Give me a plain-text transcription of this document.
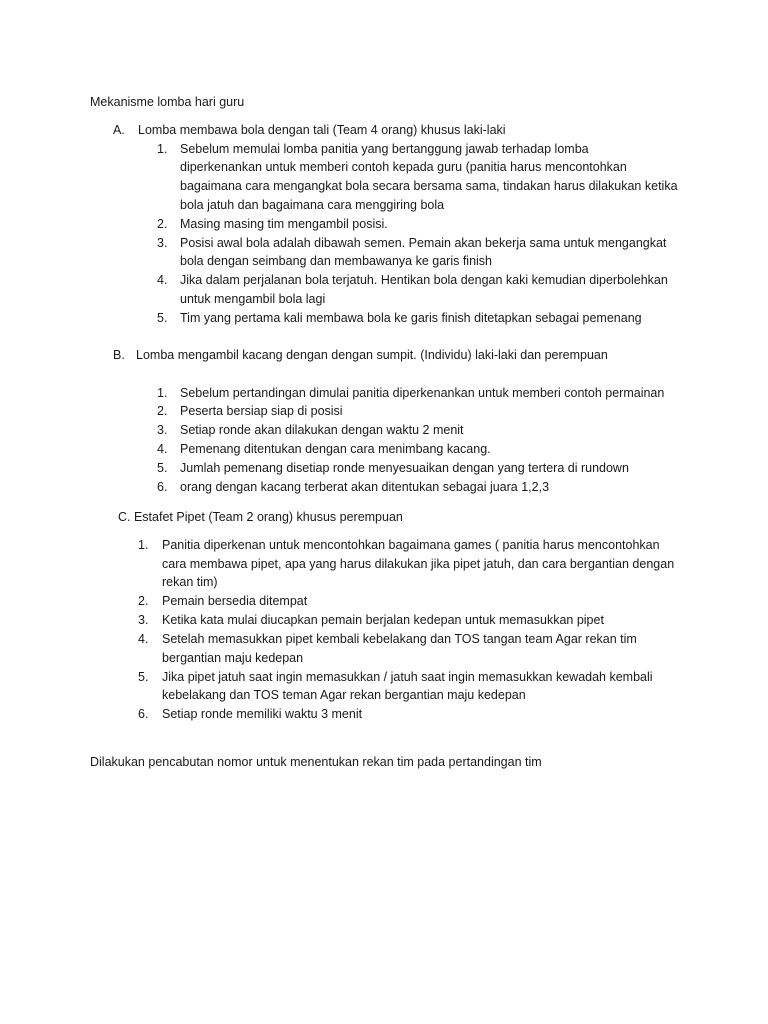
Mekanisme lomba hari guru
A. Lomba membawa bola dengan tali (Team 4 orang) khusus laki-laki
1. Sebelum memulai lomba panitia yang bertanggung jawab terhadap lomba
diperkenankan untuk memberi contoh kepada guru (panitia harus mencontohkan
bagaimana cara mengangkat bola secara bersama sama, tindakan harus dilakukan ketika
bola jatuh dan bagaimana cara menggiring bola
2. Masing masing tim mengambil posisi.
3. Posisi awal bola adalah dibawah semen. Pemain akan bekerja sama untuk mengangkat
bola dengan seimbang dan membawanya ke garis finish
4. Jika dalam perjalanan bola terjatuh. Hentikan bola dengan kaki kemudian diperbolehkan
untuk mengambil bola lagi
5. Tim yang pertama kali membawa bola ke garis finish ditetapkan sebagai pemenang
B. Lomba mengambil kacang dengan dengan sumpit. (Individu) laki-laki dan perempuan
1. Sebelum pertandingan dimulai panitia diperkenankan untuk memberi contoh permainan
2. Peserta bersiap siap di posisi
3. Setiap ronde akan dilakukan dengan waktu 2 menit
4. Pemenang ditentukan dengan cara menimbang kacang.
5. Jumlah pemenang disetiap ronde menyesuaikan dengan yang tertera di rundown
6. orang dengan kacang terberat akan ditentukan sebagai juara 1,2,3
C. Estafet Pipet (Team 2 orang) khusus perempuan
1. Panitia diperkenan untuk mencontohkan bagaimana games ( panitia harus mencontohkan
cara membawa pipet, apa yang harus dilakukan jika pipet jatuh, dan cara bergantian dengan
rekan tim)
2. Pemain bersedia ditempat
3. Ketika kata mulai diucapkan pemain berjalan kedepan untuk memasukkan pipet
4. Setelah memasukkan pipet kembali kebelakang dan TOS tangan team Agar rekan tim
bergantian maju kedepan
5. Jika pipet jatuh saat ingin memasukkan / jatuh saat ingin memasukkan kewadah kembali
kebelakang dan TOS teman Agar rekan bergantian maju kedepan
6. Setiap ronde memiliki waktu 3 menit
Dilakukan pencabutan nomor untuk menentukan rekan tim pada pertandingan tim
